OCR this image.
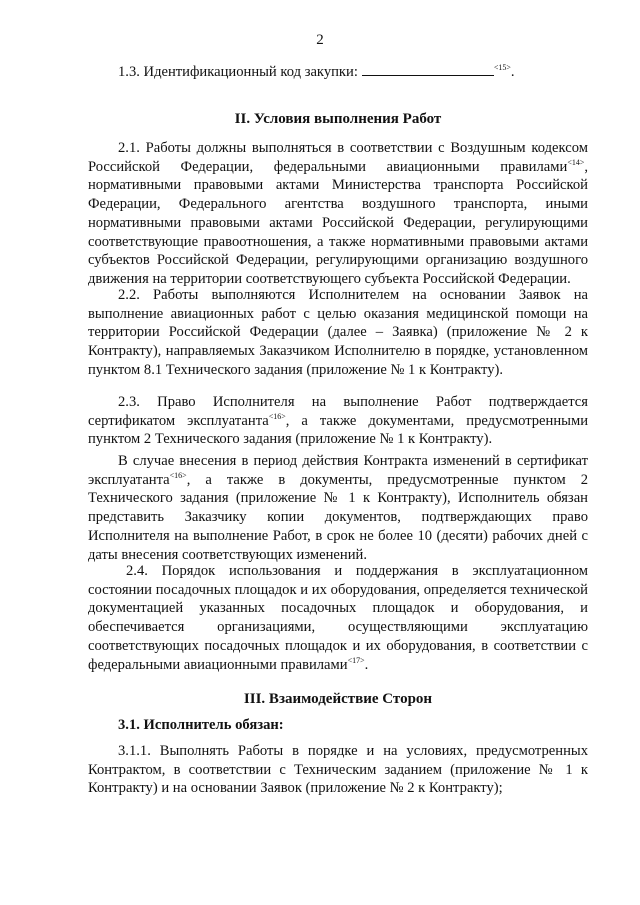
2

1.3. Идентификационный код закупки:	$^{<15>}$.

II. Условия выполнения Работ

2.1. Работы должны выполняться в соответствии с Воздушным кодексом Российской Федерации, федеральными авиационными правилами$^{<14>}$, нормативными правовыми актами Министерства транспорта Российской Федерации, Федерального агентства воздушного транспорта, иными нормативными правовыми актами Российской Федерации, регулирующими соответствующие правоотношения, а также нормативными правовыми актами субъектов Российской Федерации, регулирующими организацию воздушного движения на территории соответствующего субъекта Российской Федерации.

2.2. Работы выполняются Исполнителем на основании Заявок на выполнение авиационных работ с целью оказания медицинской помощи на территории Российской Федерации (далее – Заявка) (приложение № 2 к Контракту), направляемых Заказчиком Исполнителю в порядке, установленном пунктом 8.1 Технического задания (приложение № 1 к Контракту).

2.3. Право Исполнителя на выполнение Работ подтверждается сертификатом эксплуатанта$^{<16>}$, а также документами, предусмотренными пунктом 2 Технического задания (приложение № 1 к Контракту).

В случае внесения в период действия Контракта изменений в сертификат эксплуатанта$^{<16>}$, а также в документы, предусмотренные пунктом 2 Технического задания (приложение № 1 к Контракту), Исполнитель обязан представить Заказчику копии документов, подтверждающих право Исполнителя на выполнение Работ, в срок не более 10 (десяти) рабочих дней с даты внесения соответствующих изменений.

2.4. Порядок использования и поддержания в эксплуатационном состоянии посадочных площадок и их оборудования, определяется технической документацией указанных посадочных площадок и оборудования, и обеспечивается организациями, осуществляющими эксплуатацию соответствующих посадочных площадок и их оборудования, в соответствии с федеральными авиационными правилами$^{<17>}$.

III. Взаимодействие Сторон

3.1. Исполнитель обязан:

3.1.1. Выполнять Работы в порядке и на условиях, предусмотренных Контрактом, в соответствии с Техническим заданием (приложение № 1 к Контракту) и на основании Заявок (приложение № 2 к Контракту);
